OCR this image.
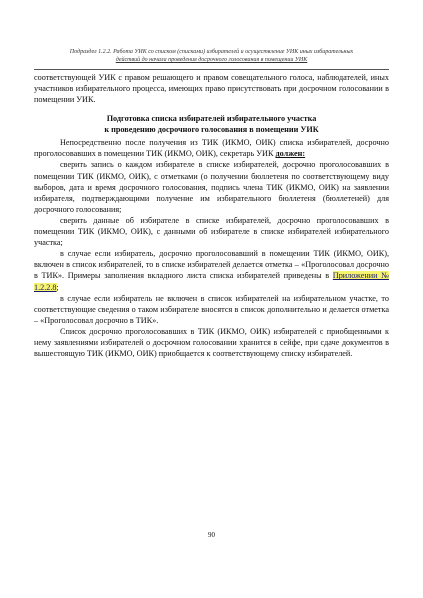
Подраздел 1.2.2. Работа УИК со списком (списками) избирателей и осуществление УИК иных избирательных
действий до начала проведения досрочного голосования в помещении УИК

соответствующей УИК с правом решающего и правом совещательного голоса, наблюдателей, иных участников избирательного процесса, имеющих право присутствовать при досрочном голосовании в помещении УИК.

Подготовка списка избирателей избирательного участка
к проведению досрочного голосования в помещении УИК

Непосредственно после получения из ТИК (ИКМО, ОИК) списка избирателей, досрочно проголосовавших в помещении ТИК (ИКМО, ОИК), секретарь УИК должен:

сверить запись о каждом избирателе в списке избирателей, досрочно проголосовавших в помещении ТИК (ИКМО, ОИК), с отметками (о получении бюллетеня по соответствующему виду выборов, дата и время досрочного голосования, подпись члена ТИК (ИКМО, ОИК) на заявлении избирателя, подтверждающими получение им избирательного бюллетеня (бюллетеней) для досрочного голосования;

сверить данные об избирателе в списке избирателей, досрочно проголосовавших в помещении ТИК (ИКМО, ОИК), с данными об избирателе в списке избирателей избирательного участка;

в случае если избиратель, досрочно проголосовавший в помещении ТИК (ИКМО, ОИК), включен в список избирателей, то в списке избирателей делается отметка – «Проголосовал досрочно в ТИК». Примеры заполнения вкладного листа списка избирателей приведены в Приложении № 1.2.2.8;

в случае если избиратель не включен в список избирателей на избирательном участке, то соответствующие сведения о таком избирателе вносятся в список дополнительно и делается отметка – «Проголосовал досрочно в ТИК».

Список досрочно проголосовавших в ТИК (ИКМО, ОИК) избирателей с приобщенными к нему заявлениями избирателей о досрочном голосовании хранится в сейфе, при сдаче документов в вышестоящую ТИК (ИКМО, ОИК) приобщается к соответствующему списку избирателей.

90
